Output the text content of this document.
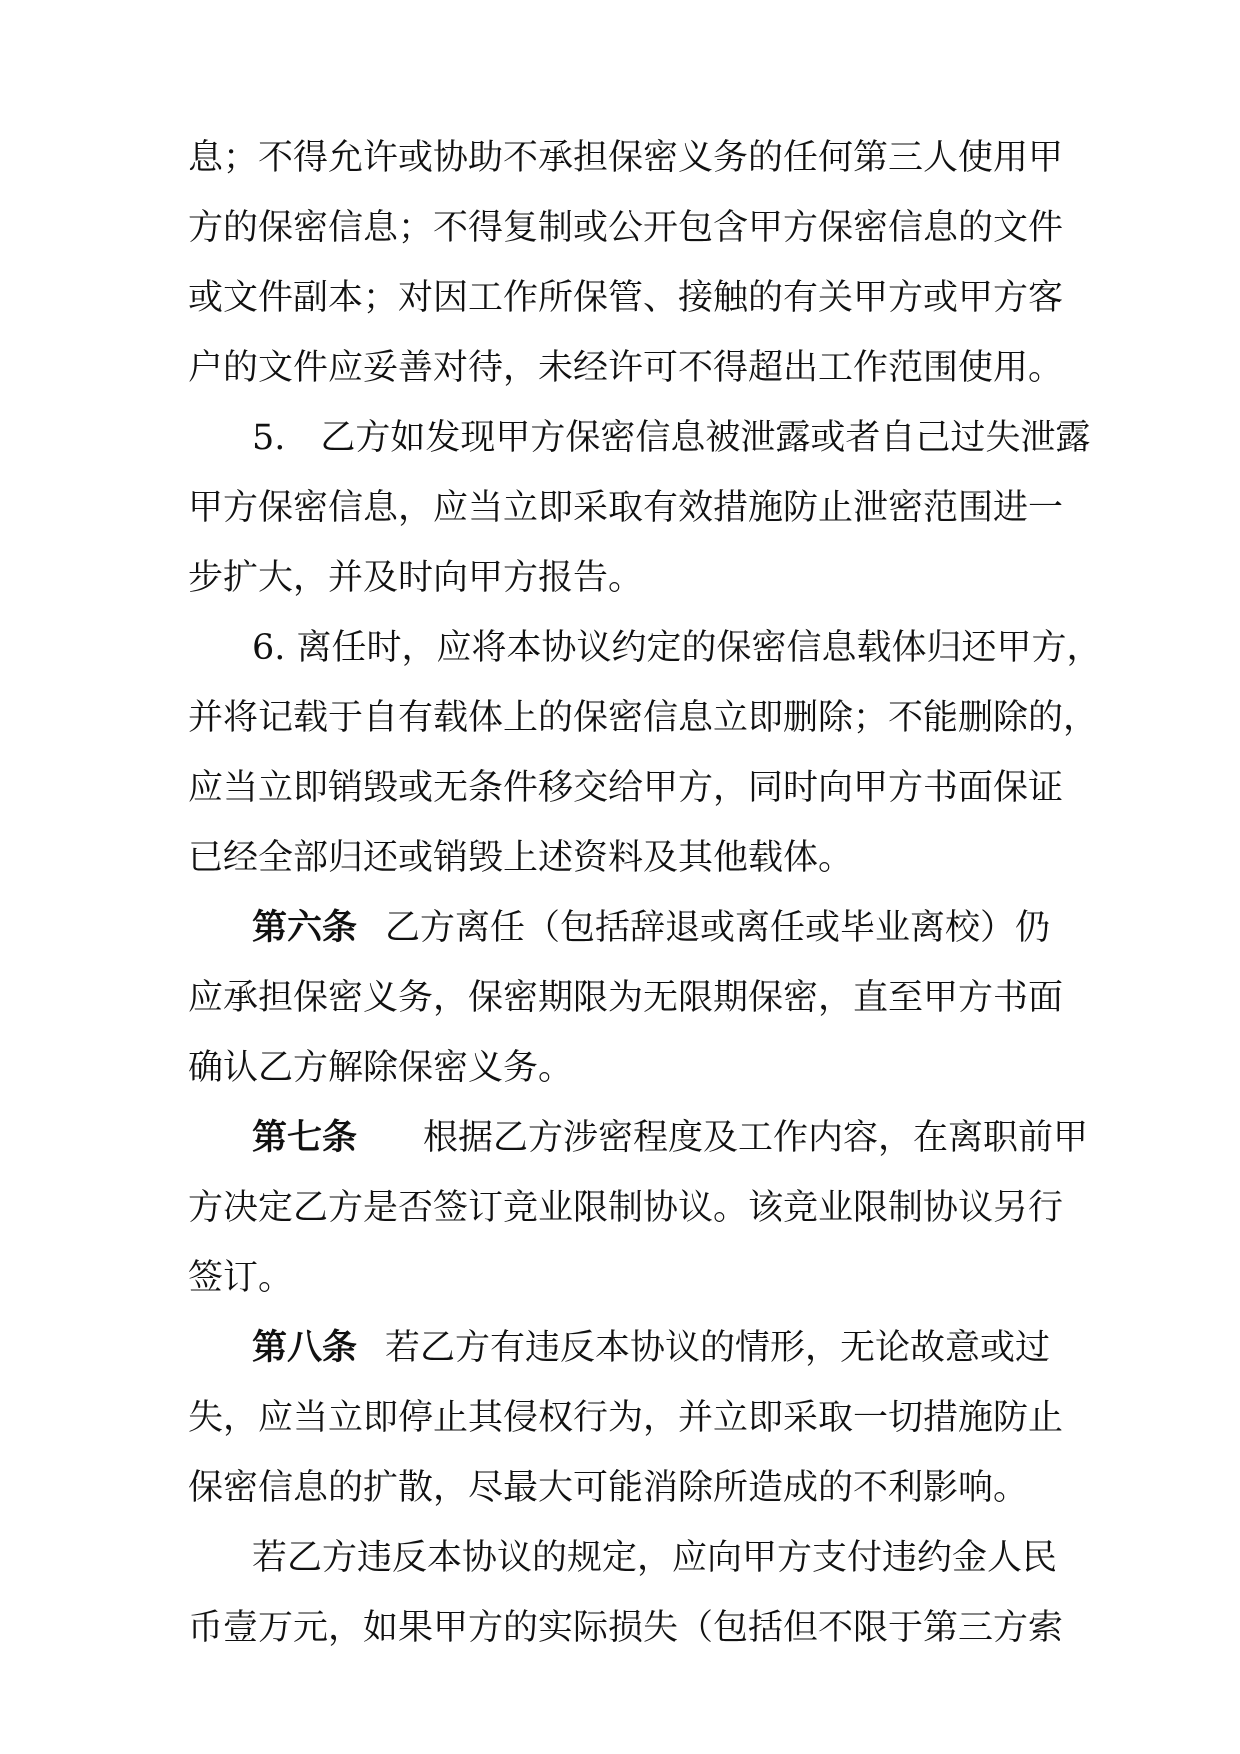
息；不得允许或协助不承担保密义务的任何第三人使用甲
方的保密信息；不得复制或公开包含甲方保密信息的文件
或文件副本；对因工作所保管、接触的有关甲方或甲方客
户的文件应妥善对待，未经许可不得超出工作范围使用。
5.　乙方如发现甲方保密信息被泄露或者自己过失泄露
甲方保密信息，应当立即采取有效措施防止泄密范围进一
步扩大，并及时向甲方报告。
6. 离任时，应将本协议约定的保密信息载体归还甲方，
并将记载于自有载体上的保密信息立即删除；不能删除的，
应当立即销毁或无条件移交给甲方，同时向甲方书面保证
已经全部归还或销毁上述资料及其他载体。
第六条 乙方离任（包括辞退或离任或毕业离校）仍
应承担保密义务，保密期限为无限期保密，直至甲方书面
确认乙方解除保密义务。
第七条 根据乙方涉密程度及工作内容，在离职前甲
方决定乙方是否签订竞业限制协议。该竞业限制协议另行
签订。
第八条 若乙方有违反本协议的情形，无论故意或过
失，应当立即停止其侵权行为，并立即采取一切措施防止
保密信息的扩散，尽最大可能消除所造成的不利影响。
若乙方违反本协议的规定，应向甲方支付违约金人民
币壹万元，如果甲方的实际损失（包括但不限于第三方索
